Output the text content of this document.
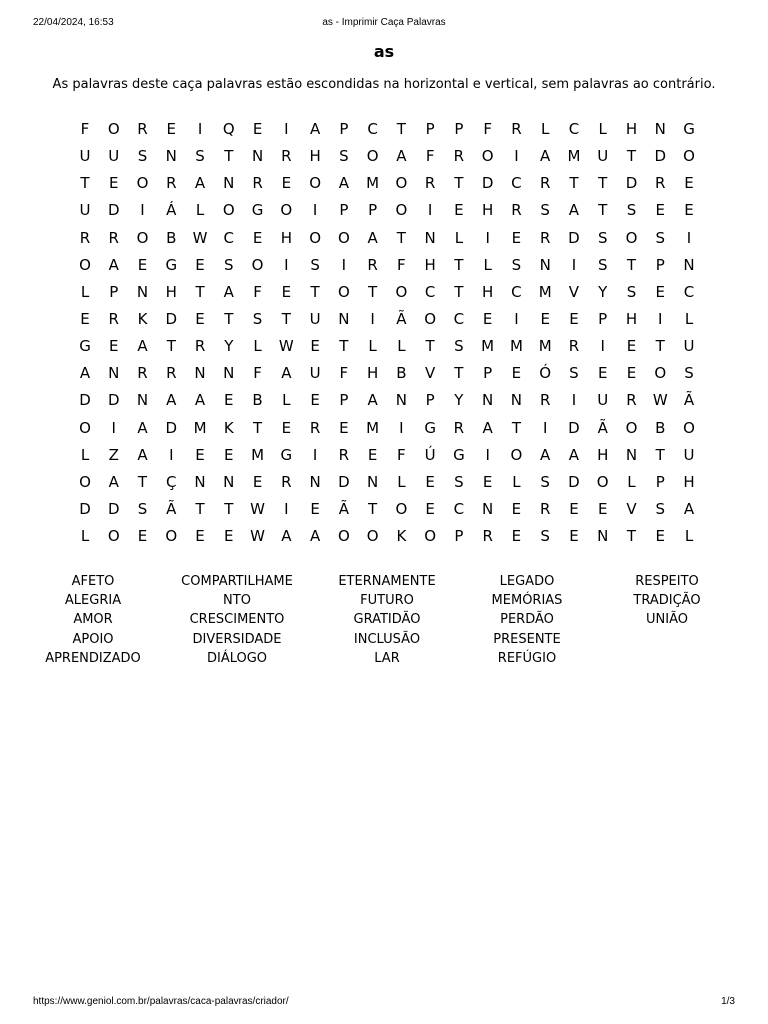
22/04/2024, 16:53	as - Imprimir Caça Palavras
as
As palavras deste caça palavras estão escondidas na horizontal e vertical, sem palavras ao contrário.
F	O	R	E	I	Q	E	I	A	P	C	T	P	P	F	R	L	C	L	H	N	G
U	U	S	N	S	T	N	R	H	S	O	A	F	R	O	I	A	M	U	T	D	O
T	E	O	R	A	N	R	E	O	A	M	O	R	T	D	C	R	T	T	D	R	E
U	D	I	Á	L	O	G	O	I	P	P	O	I	E	H	R	S	A	T	S	E	E
R	R	O	B	W	C	E	H	O	O	A	T	N	L	I	E	R	D	S	O	S	I
O	A	E	G	E	S	O	I	S	I	R	F	H	T	L	S	N	I	S	T	P	N
L	P	N	H	T	A	F	E	T	O	T	O	C	T	H	C	M	V	Y	S	E	C
E	R	K	D	E	T	S	T	U	N	I	Ã	O	C	E	I	E	E	P	H	I	L
G	E	A	T	R	Y	L	W	E	T	L	L	T	S	M	M	M	R	I	E	T	U
A	N	R	R	N	N	F	A	U	F	H	B	V	T	P	E	Ó	S	E	E	O	S
D	D	N	A	A	E	B	L	E	P	A	N	P	Y	N	N	R	I	U	R	W	Ã
O	I	A	D	M	K	T	E	R	E	M	I	G	R	A	T	I	D	Ã	O	B	O
L	Z	A	I	E	E	M	G	I	R	E	F	Ú	G	I	O	A	A	H	N	T	U
O	A	T	Ç	N	N	E	R	N	D	N	L	E	S	E	L	S	D	O	L	P	H
D	D	S	Ã	T	T	W	I	E	Ã	T	O	E	C	N	E	R	E	E	V	S	A
L	O	E	O	E	E	W	A	A	O	O	K	O	P	R	E	S	E	N	T	E	L
AFETO
ALEGRIA
AMOR
APOIO
APRENDIZADO
COMPARTILHAME
NTO
CRESCIMENTO
DIVERSIDADE
DIÁLOGO
ETERNAMENTE
FUTURO
GRATIDÃO
INCLUSÃO
LAR
LEGADO
MEMÓRIAS
PERDÃO
PRESENTE
REFÚGIO
RESPEITO
TRADIÇÃO
UNIÃO
https://www.geniol.com.br/palavras/caca-palavras/criador/	1/3
